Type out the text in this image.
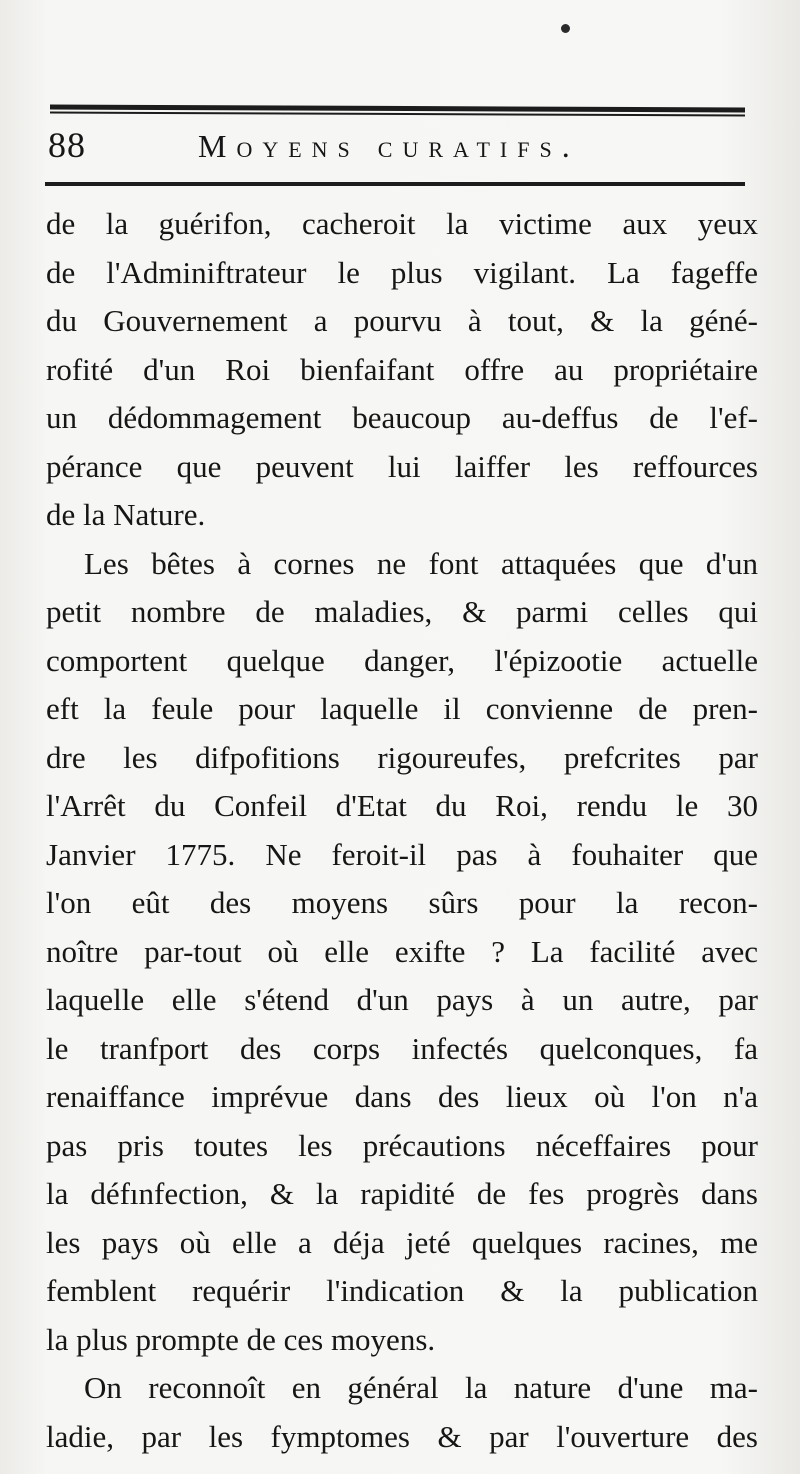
88	Moyens curatifs.
de la guérifon, cacheroit la victime aux yeux
de l'Adminiftrateur le plus vigilant. La fageffe
du Gouvernement a pourvu à tout, & la géné-
rofité d'un Roi bienfaifant offre au propriétaire
un dédommagement beaucoup au-deffus de l'ef-
pérance que peuvent lui laiffer les reffources
de la Nature.
Les bêtes à cornes ne font attaquées que d'un
petit nombre de maladies, & parmi celles qui
comportent quelque danger, l'épizootie actuelle
eft la feule pour laquelle il convienne de pren-
dre les difpofitions rigoureufes, prefcrites par
l'Arrêt du Confeil d'Etat du Roi, rendu le 30
Janvier 1775. Ne feroit-il pas à fouhaiter que
l'on eût des moyens sûrs pour la recon-
noître par-tout où elle exifte ? La facilité avec
laquelle elle s'étend d'un pays à un autre, par
le tranfport des corps infectés quelconques, fa
renaiffance imprévue dans des lieux où l'on n'a
pas pris toutes les précautions néceffaires pour
la défınfection, & la rapidité de fes progrès dans
les pays où elle a déja jeté quelques racines, me
femblent requérir l'indication & la publication
la plus prompte de ces moyens.
On reconnoît en général la nature d'une ma-
ladie, par les fymptomes & par l'ouverture des
